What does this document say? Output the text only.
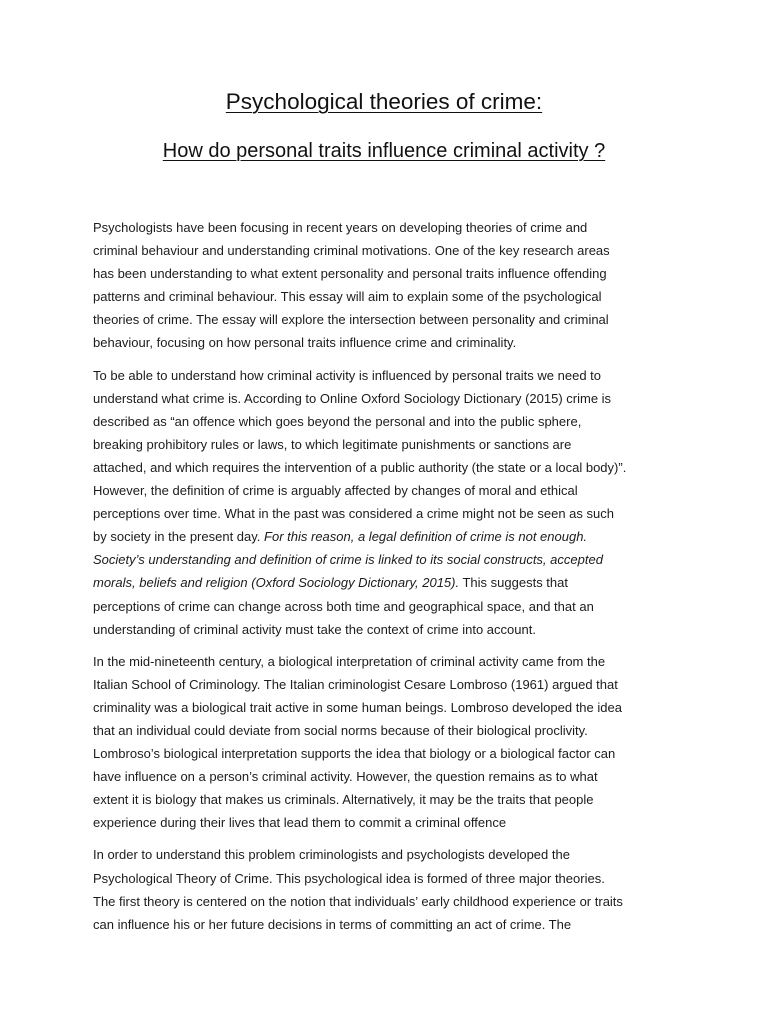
Psychological theories of crime:
How do personal traits influence criminal activity ?

Psychologists have been focusing in recent years on developing theories of crime and
criminal behaviour and understanding criminal motivations. One of the key research areas
has been understanding to what extent personality and personal traits influence offending
patterns and criminal behaviour. This essay will aim to explain some of the psychological
theories of crime. The essay will explore the intersection between personality and criminal
behaviour, focusing on how personal traits influence crime and criminality.

To be able to understand how criminal activity is influenced by personal traits we need to
understand what crime is. According to Online Oxford Sociology Dictionary (2015) crime is
described as “an offence which goes beyond the personal and into the public sphere,
breaking prohibitory rules or laws, to which legitimate punishments or sanctions are
attached, and which requires the intervention of a public authority (the state or a local body)”.
However, the definition of crime is arguably affected by changes of moral and ethical
perceptions over time. What in the past was considered a crime might not be seen as such
by society in the present day. For this reason, a legal definition of crime is not enough.
Society’s understanding and definition of crime is linked to its social constructs, accepted
morals, beliefs and religion (Oxford Sociology Dictionary, 2015). This suggests that
perceptions of crime can change across both time and geographical space, and that an
understanding of criminal activity must take the context of crime into account.

In the mid-nineteenth century, a biological interpretation of criminal activity came from the
Italian School of Criminology. The Italian criminologist Cesare Lombroso (1961) argued that
criminality was a biological trait active in some human beings. Lombroso developed the idea
that an individual could deviate from social norms because of their biological proclivity.
Lombroso’s biological interpretation supports the idea that biology or a biological factor can
have influence on a person’s criminal activity. However, the question remains as to what
extent it is biology that makes us criminals. Alternatively, it may be the traits that people
experience during their lives that lead them to commit a criminal offence

In order to understand this problem criminologists and psychologists developed the
Psychological Theory of Crime. This psychological idea is formed of three major theories.
The first theory is centered on the notion that individuals’ early childhood experience or traits
can influence his or her future decisions in terms of committing an act of crime. The
